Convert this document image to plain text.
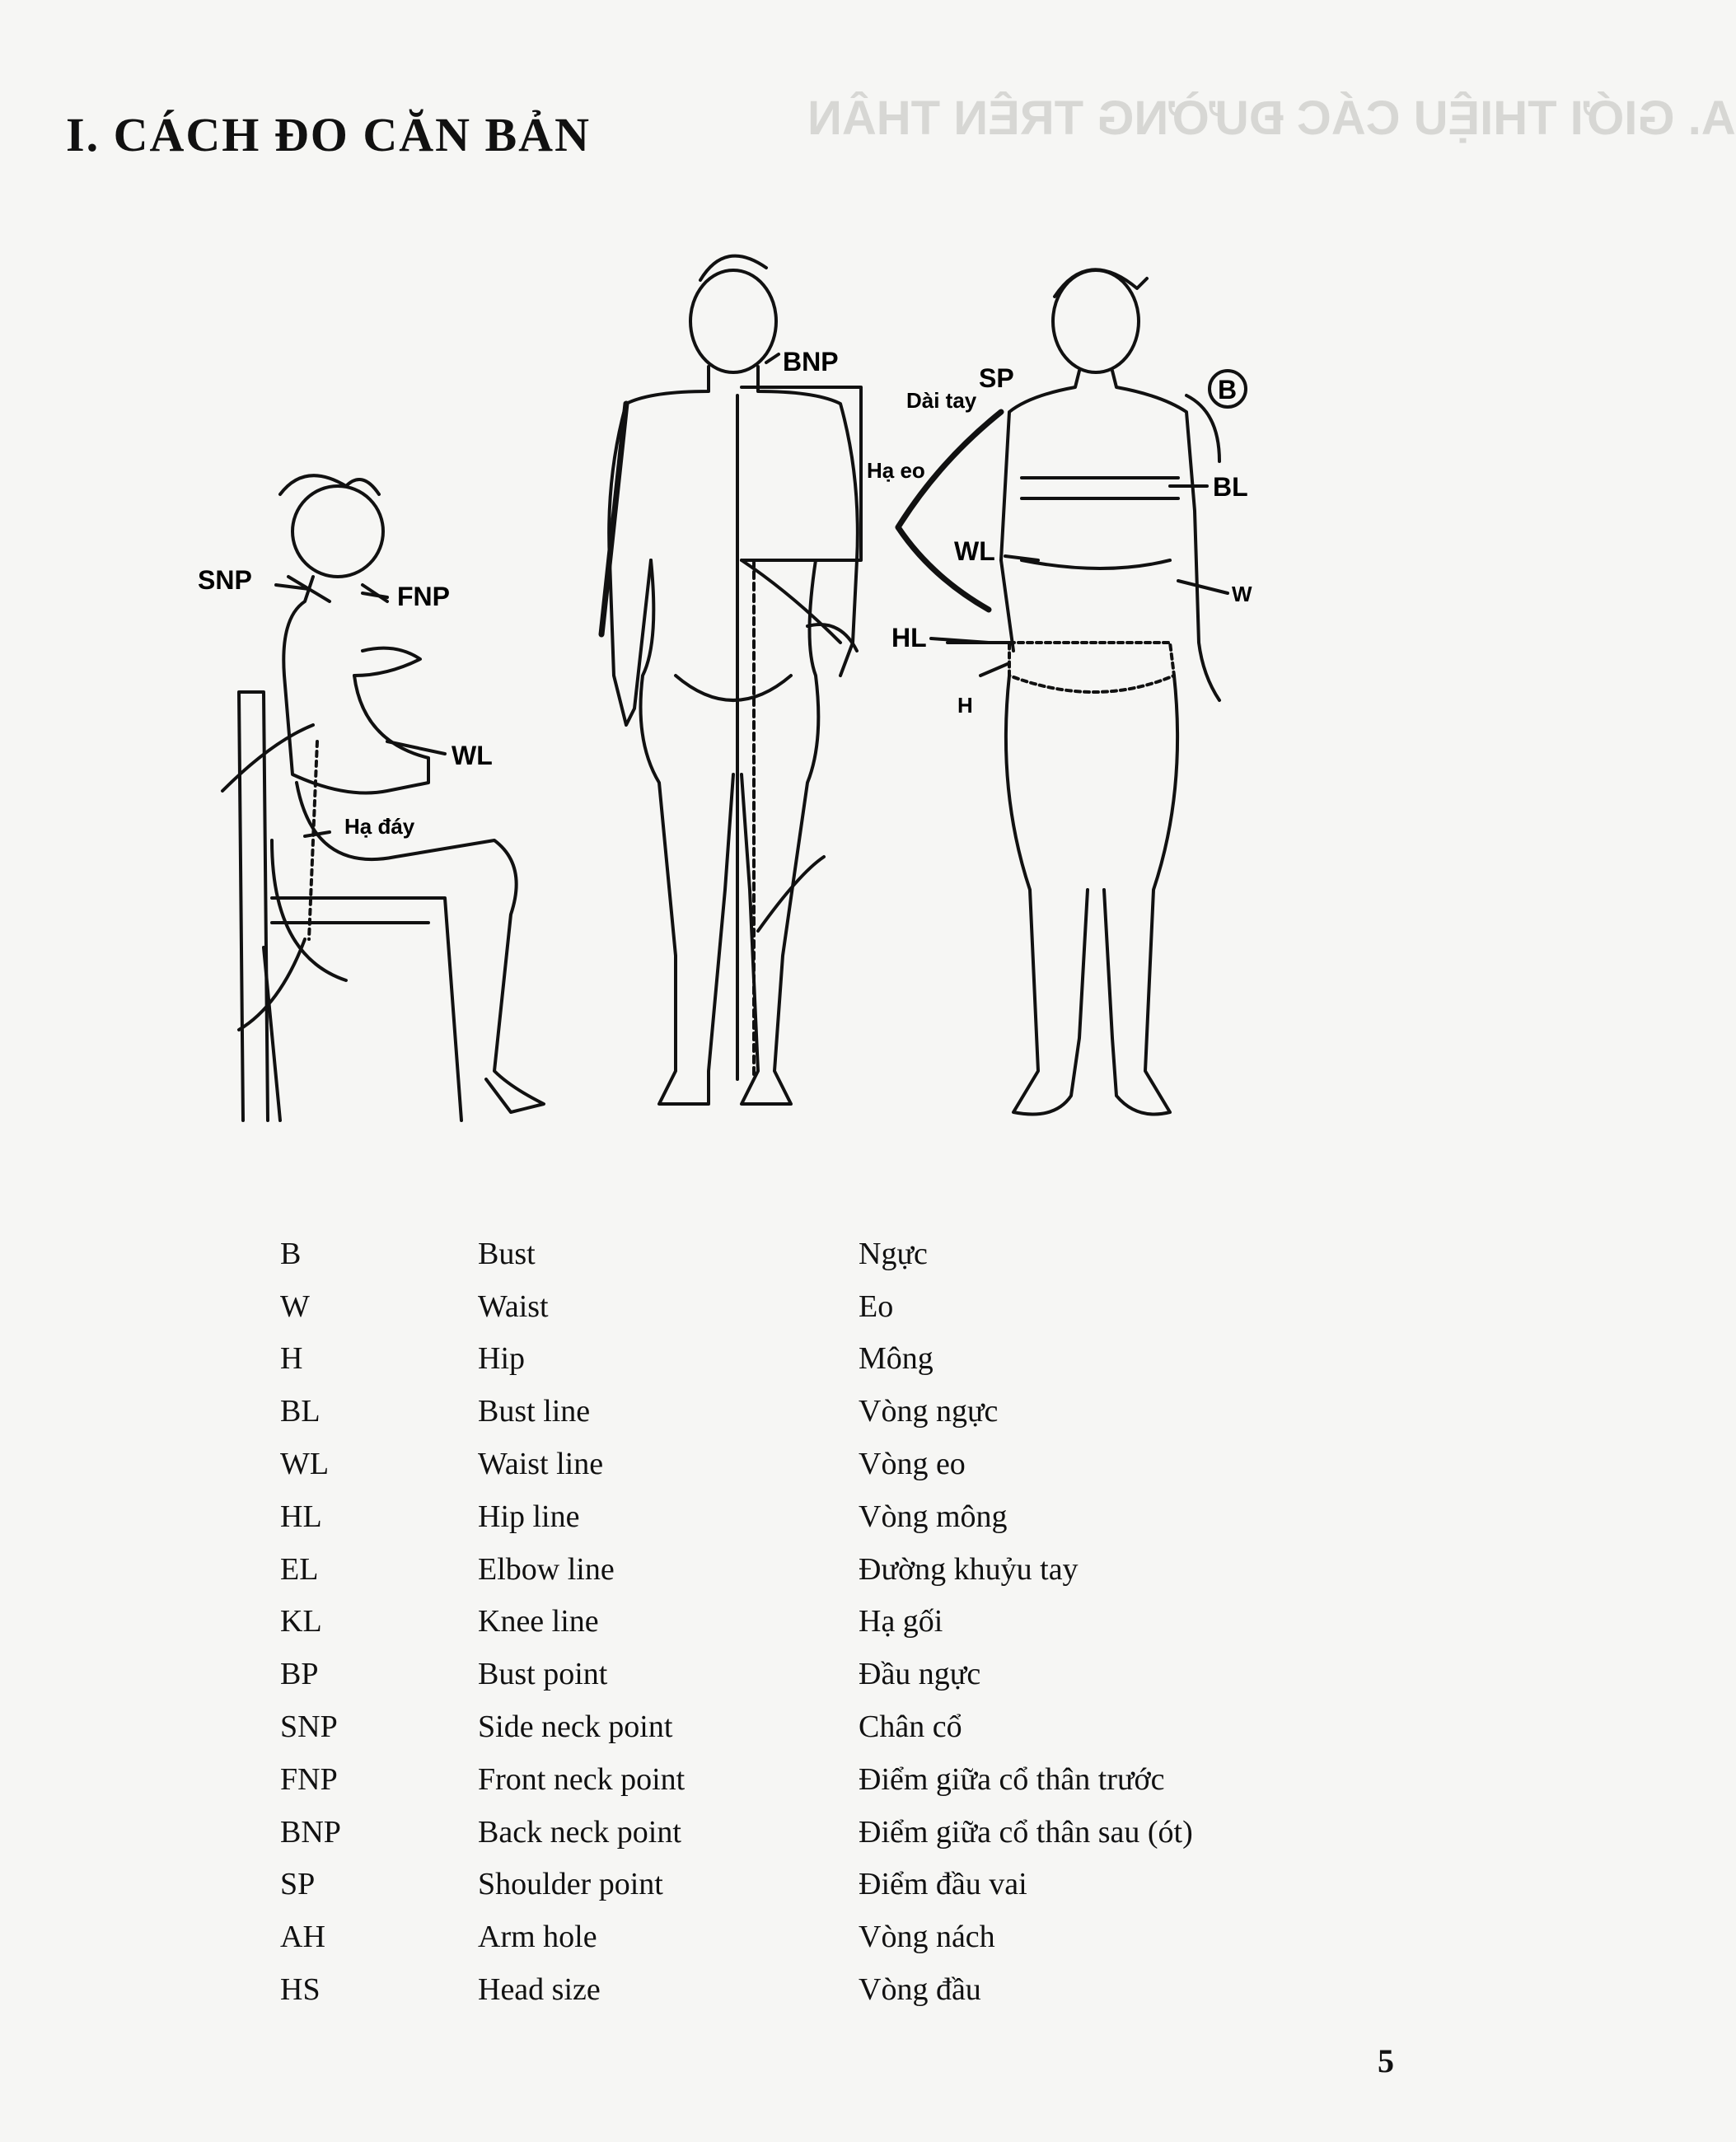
I. CÁCH ĐO CĂN BẢN	A. GIỚI THIỆU CÁC ĐƯỜNG TRÊN THÂN
SNP
FNP
WL
Hạ đáy
BNP
Hạ eo
Dài tay
SP	B
BL
WL
W
HL
H
B	Bust	Ngực
W	Waist	Eo
H	Hip	Mông
BL	Bust line	Vòng ngực
WL	Waist line	Vòng eo
HL	Hip line	Vòng mông
EL	Elbow line	Đường khuỷu tay
KL	Knee line	Hạ gối
BP	Bust point	Đầu ngực
SNP	Side neck point	Chân cổ
FNP	Front neck point	Điểm giữa cổ thân trước
BNP	Back neck point	Điểm giữa cổ thân sau (ót)
SP	Shoulder point	Điểm đầu vai
AH	Arm hole	Vòng nách
HS	Head size	Vòng đầu
5
